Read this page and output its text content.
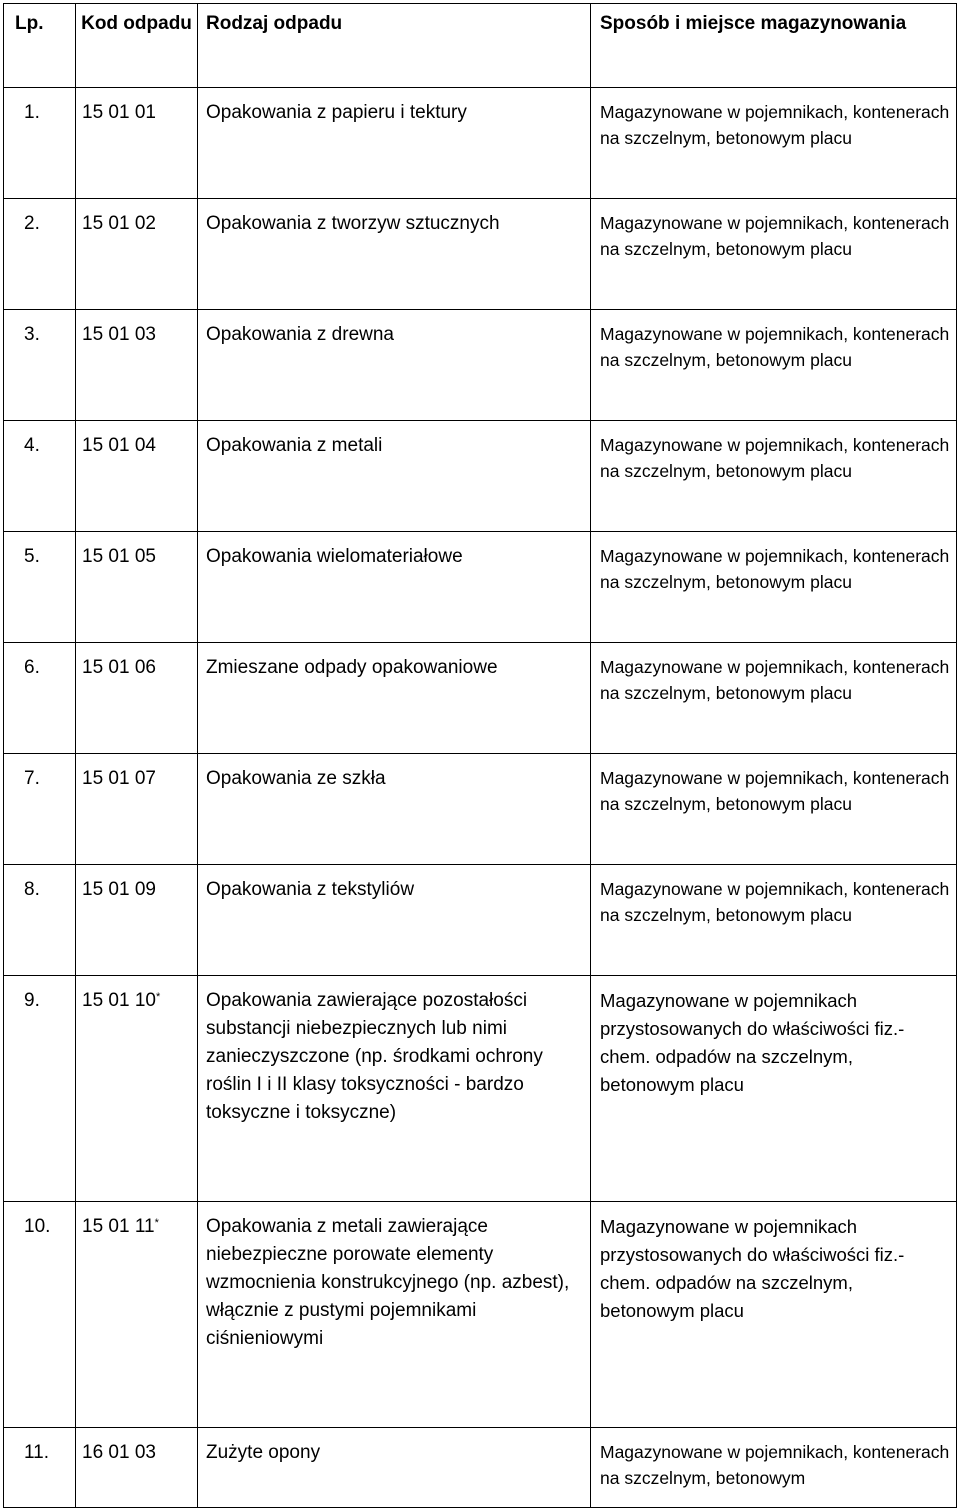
Lp.	Kod odpadu	Rodzaj odpadu	Sposób i miejsce magazynowania
1.	15 01 01	Opakowania z papieru i tektury	Magazynowane w pojemnikach, kontenerach na szczelnym, betonowym placu
2.	15 01 02	Opakowania z tworzyw sztucznych	Magazynowane w pojemnikach, kontenerach na szczelnym, betonowym placu
3.	15 01 03	Opakowania z drewna	Magazynowane w pojemnikach, kontenerach na szczelnym, betonowym placu
4.	15 01 04	Opakowania z metali	Magazynowane w pojemnikach, kontenerach na szczelnym, betonowym placu
5.	15 01 05	Opakowania wielomateriałowe	Magazynowane w pojemnikach, kontenerach na szczelnym, betonowym placu
6.	15 01 06	Zmieszane odpady opakowaniowe	Magazynowane w pojemnikach, kontenerach na szczelnym, betonowym placu
7.	15 01 07	Opakowania ze szkła	Magazynowane w pojemnikach, kontenerach na szczelnym, betonowym placu
8.	15 01 09	Opakowania z tekstyliów	Magazynowane w pojemnikach, kontenerach na szczelnym, betonowym placu
9.	15 01 10*	Opakowania zawierające pozostałości substancji niebezpiecznych lub nimi zanieczyszczone (np. środkami ochrony roślin I i II klasy toksyczności - bardzo toksyczne i toksyczne)	Magazynowane w pojemnikach przystosowanych do właściwości fiz.-chem. odpadów na szczelnym, betonowym placu
10.	15 01 11*	Opakowania z metali zawierające niebezpieczne porowate elementy wzmocnienia konstrukcyjnego (np. azbest), włącznie z pustymi pojemnikami ciśnieniowymi	Magazynowane w pojemnikach przystosowanych do właściwości fiz.-chem. odpadów na szczelnym, betonowym placu
11.	16 01 03	Zużyte opony	Magazynowane w pojemnikach, kontenerach na szczelnym, betonowym
